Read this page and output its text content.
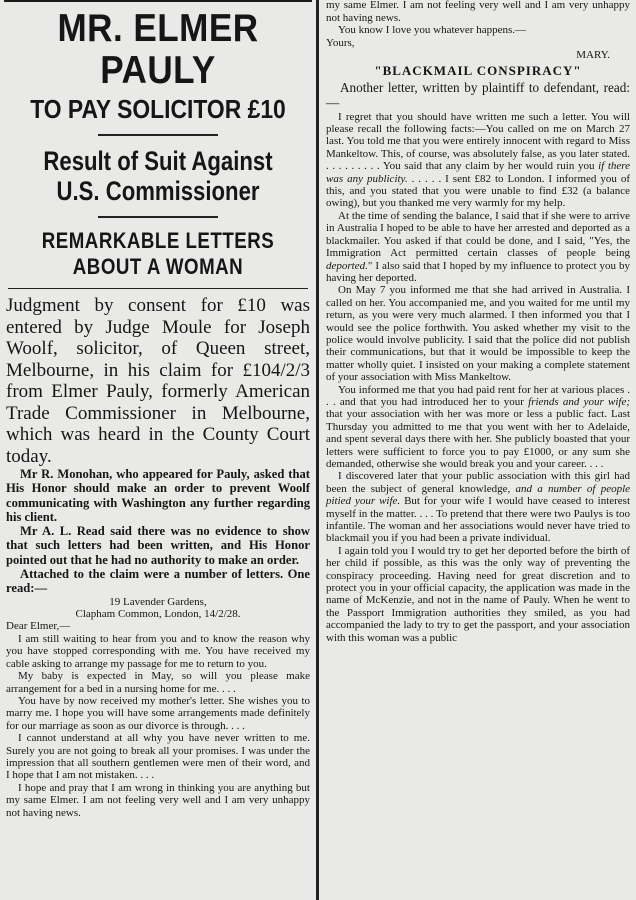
MR. ELMER PAULY
TO PAY SOLICITOR £10
Result of Suit Against
U.S. Commissioner
REMARKABLE LETTERS
ABOUT A WOMAN
Judgment by consent for £10 was entered by Judge Moule for Joseph Woolf, solicitor, of Queen street, Melbourne, in his claim for £104/2/3 from Elmer Pauly, formerly American Trade Commissioner in Melbourne, which was heard in the County Court today.
Mr R. Monohan, who appeared for Pauly, asked that His Honor should make an order to prevent Woolf communicating with Washington any further regarding his client.
Mr A. L. Read said there was no evidence to show that such letters had been written, and His Honor pointed out that he had no authority to make an order.
Attached to the claim were a number of letters. One read:—
19 Lavender Gardens,
Clapham Common, London, 14/2/28.
Dear Elmer,—
I am still waiting to hear from you and to know the reason why you have stopped corresponding with me. You have received my cable asking to arrange my passage for me to return to you.
My baby is expected in May, so will you please make arrangement for a bed in a nursing home for me. . . .
You have by now received my mother's letter. She wishes you to marry me. I hope you will have some arrangements made definitely for our marriage as soon as our divorce is through. . . .
I cannot understand at all why you have never written to me. Surely you are not going to break all your promises. I was under the impression that all southern gentlemen were men of their word, and I hope that I am not mistaken. . . .
I hope and pray that I am wrong in thinking you are anything but my same Elmer. I am not feeling very well and I am very unhappy not having news.
my same Elmer. I am not feeling very well and I am very unhappy not having news.
You know I love you whatever happens.—
Yours,
MARY.
"BLACKMAIL CONSPIRACY"
Another letter, written by plaintiff to defendant, read:—
I regret that you should have written me such a letter. You will please recall the following facts:—You called on me on March 27 last. You told me that you were entirely innocent with regard to Miss Mankeltow. This, of course, was absolutely false, as you later stated. . . . . . . . . . You said that any claim by her would ruin you if there was any publicity. . . . . . I sent £82 to London. I informed you of this, and you stated that you were unable to find £32 (a balance owing), but you thanked me very warmly for my help.
At the time of sending the balance, I said that if she were to arrive in Australia I hoped to be able to have her arrested and deported as a blackmailer. You asked if that could be done, and I said, "Yes, the Immigration Act permitted certain classes of people being deported." I also said that I hoped by my influence to protect you by having her deported.
On May 7 you informed me that she had arrived in Australia. I called on her. You accompanied me, and you waited for me until my return, as you were very much alarmed. I then informed you that I would see the police forthwith. You asked whether my visit to the police would involve publicity. I said that the police did not publish their communications, but that it would be impossible to keep the matter wholly quiet. I insisted on your making a complete statement of your association with Miss Mankeltow.
You informed me that you had paid rent for her at various places . . . and that you had introduced her to your friends and your wife; that your association with her was more or less a public fact. Last Thursday you admitted to me that you went with her to Adelaide, and spent several days there with her. She publicly boasted that your letters were sufficient to force you to pay £1000, or any sum she demanded, otherwise she would break you and your career. . . .
I discovered later that your public association with this girl had been the subject of general knowledge, and a number of people pitied your wife. But for your wife I would have ceased to interest myself in the matter. . . . To pretend that there were two Paulys is too infantile. The woman and her associations would never have tried to blackmail you if you had been a private individual.
I again told you I would try to get her deported before the birth of her child if possible, as this was the only way of preventing the conspiracy proceeding. Having need for great discretion and to protect you in your official capacity, the application was made in the name of McKenzie, and not in the name of Pauly. When he went to the Passport Immigration authorities they smiled, as you had accompanied the lady to try to get the passport, and your association with this woman was a public
